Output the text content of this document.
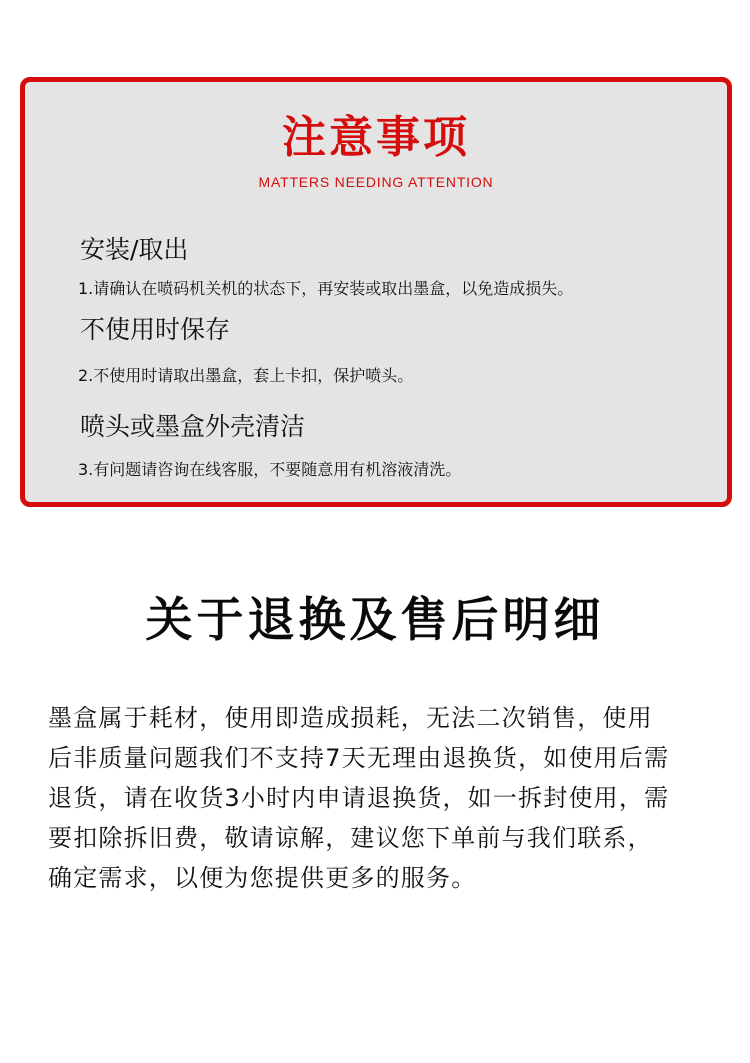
注意事项
MATTERS NEEDING ATTENTION
安装/取出
1.请确认在喷码机关机的状态下，再安装或取出墨盒，以免造成损失。
不使用时保存
2.不使用时请取出墨盒，套上卡扣，保护喷头。
喷头或墨盒外壳清洁
3.有问题请咨询在线客服，不要随意用有机溶液清洗。
关于退换及售后明细
墨盒属于耗材，使用即造成损耗，无法二次销售，使用
后非质量问题我们不支持7天无理由退换货，如使用后需
退货，请在收货3小时内申请退换货，如一拆封使用，需
要扣除拆旧费，敬请谅解，建议您下单前与我们联系，
确定需求，以便为您提供更多的服务。
